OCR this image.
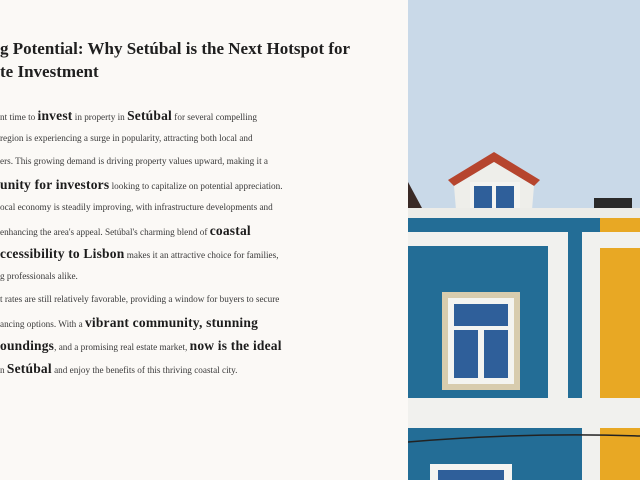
g Potential: Why Setúbal is the Next Hotspot for
te Investment
nt time to invest in property in Setúbal for several compelling
region is experiencing a surge in popularity, attracting both local and
ers. This growing demand is driving property values upward, making it a
unity for investors looking to capitalize on potential appreciation.
ocal economy is steadily improving, with infrastructure developments and
enhancing the area's appeal. Setúbal's charming blend of coastal
ccessibility to Lisbon makes it an attractive choice for families,
g professionals alike.
t rates are still relatively favorable, providing a window for buyers to secure
ancing options. With a vibrant community, stunning
oundings, and a promising real estate market, now is the ideal
n Setúbal and enjoy the benefits of this thriving coastal city.
